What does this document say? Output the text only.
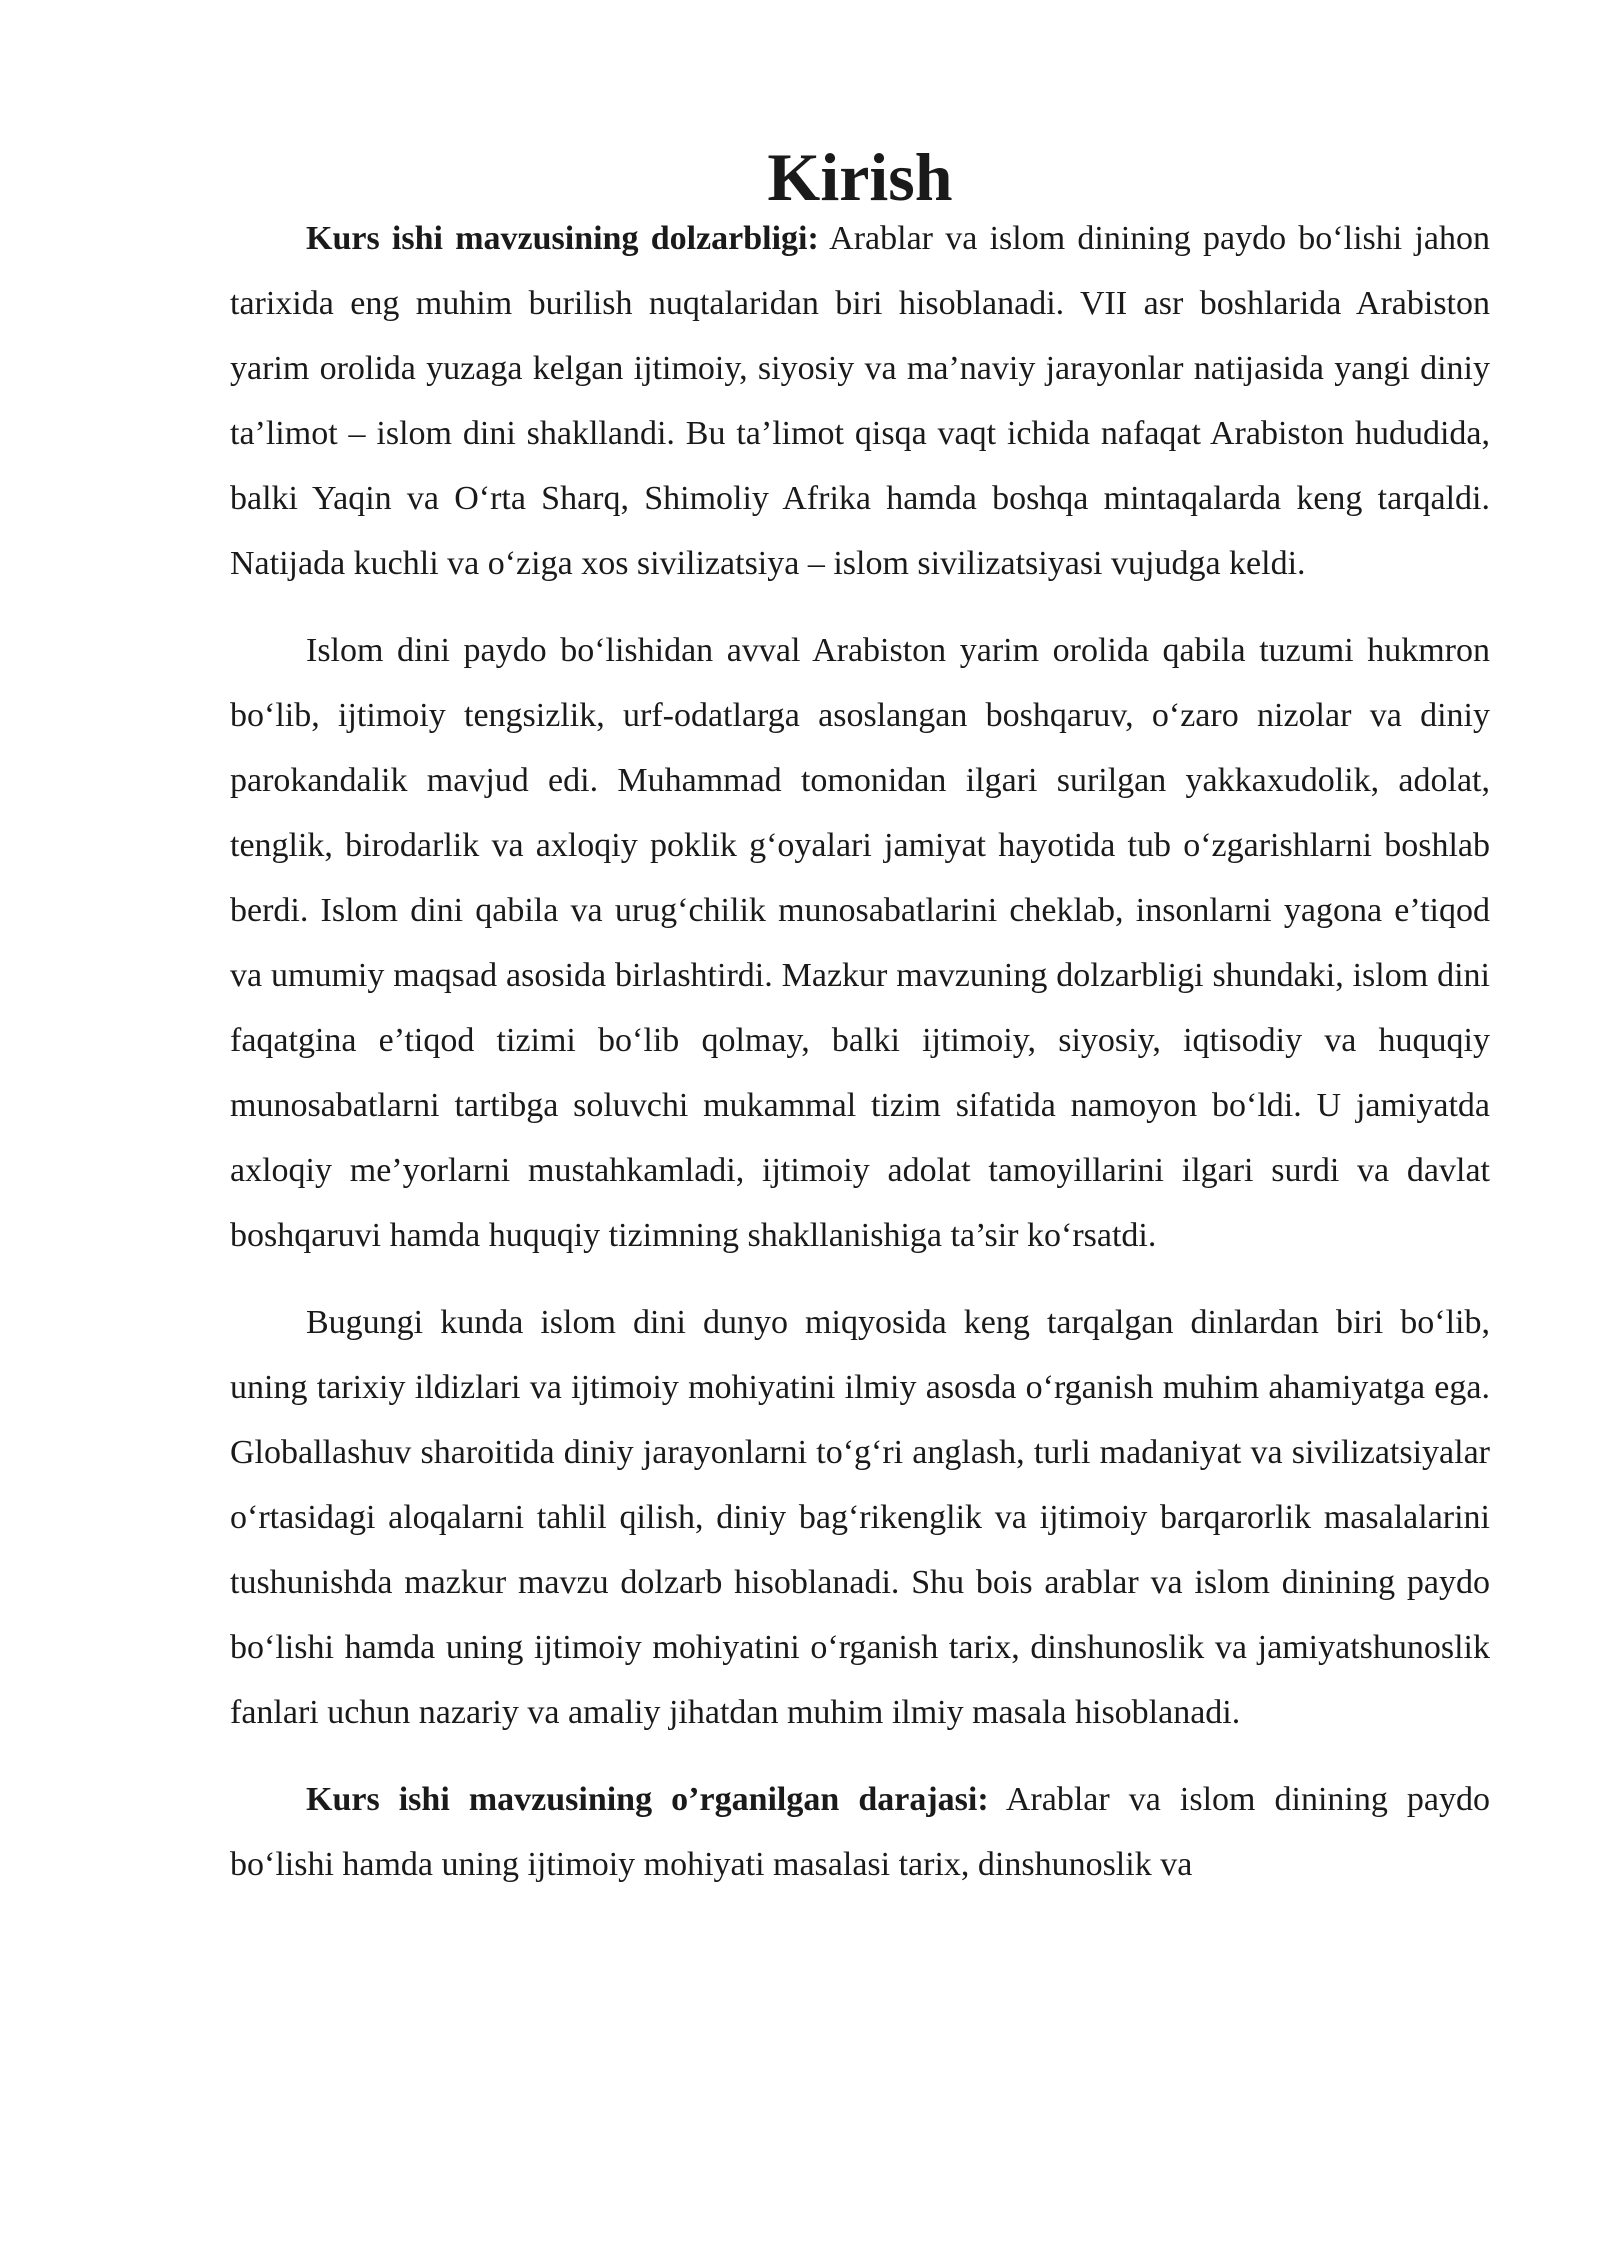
Kirish

Kurs ishi mavzusining dolzarbligi: Arablar va islom dinining paydo bo‘lishi jahon tarixida eng muhim burilish nuqtalaridan biri hisoblanadi. VII asr boshlarida Arabiston yarim orolida yuzaga kelgan ijtimoiy, siyosiy va ma’naviy jarayonlar natijasida yangi diniy ta’limot – islom dini shakllandi. Bu ta’limot qisqa vaqt ichida nafaqat Arabiston hududida, balki Yaqin va O‘rta Sharq, Shimoliy Afrika hamda boshqa mintaqalarda keng tarqaldi. Natijada kuchli va o‘ziga xos sivilizatsiya – islom sivilizatsiyasi vujudga keldi.

Islom dini paydo bo‘lishidan avval Arabiston yarim orolida qabila tuzumi hukmron bo‘lib, ijtimoiy tengsizlik, urf-odatlarga asoslangan boshqaruv, o‘zaro nizolar va diniy parokandalik mavjud edi. Muhammad tomonidan ilgari surilgan yakkaxudolik, adolat, tenglik, birodarlik va axloqiy poklik g‘oyalari jamiyat hayotida tub o‘zgarishlarni boshlab berdi. Islom dini qabila va urug‘chilik munosabatlarini cheklab, insonlarni yagona e’tiqod va umumiy maqsad asosida birlashtirdi. Mazkur mavzuning dolzarbligi shundaki, islom dini faqatgina e’tiqod tizimi bo‘lib qolmay, balki ijtimoiy, siyosiy, iqtisodiy va huquqiy munosabatlarni tartibga soluvchi mukammal tizim sifatida namoyon bo‘ldi. U jamiyatda axloqiy me’yorlarni mustahkamladi, ijtimoiy adolat tamoyillarini ilgari surdi va davlat boshqaruvi hamda huquqiy tizimning shakllanishiga ta’sir ko‘rsatdi.

Bugungi kunda islom dini dunyo miqyosida keng tarqalgan dinlardan biri bo‘lib, uning tarixiy ildizlari va ijtimoiy mohiyatini ilmiy asosda o‘rganish muhim ahamiyatga ega. Globallashuv sharoitida diniy jarayonlarni to‘g‘ri anglash, turli madaniyat va sivilizatsiyalar o‘rtasidagi aloqalarni tahlil qilish, diniy bag‘rikenglik va ijtimoiy barqarorlik masalalarini tushunishda mazkur mavzu dolzarb hisoblanadi. Shu bois arablar va islom dinining paydo bo‘lishi hamda uning ijtimoiy mohiyatini o‘rganish tarix, dinshunoslik va jamiyatshunoslik fanlari uchun nazariy va amaliy jihatdan muhim ilmiy masala hisoblanadi.

Kurs ishi mavzusining o’rganilgan darajasi: Arablar va islom dinining paydo bo‘lishi hamda uning ijtimoiy mohiyati masalasi tarix, dinshunoslik va
